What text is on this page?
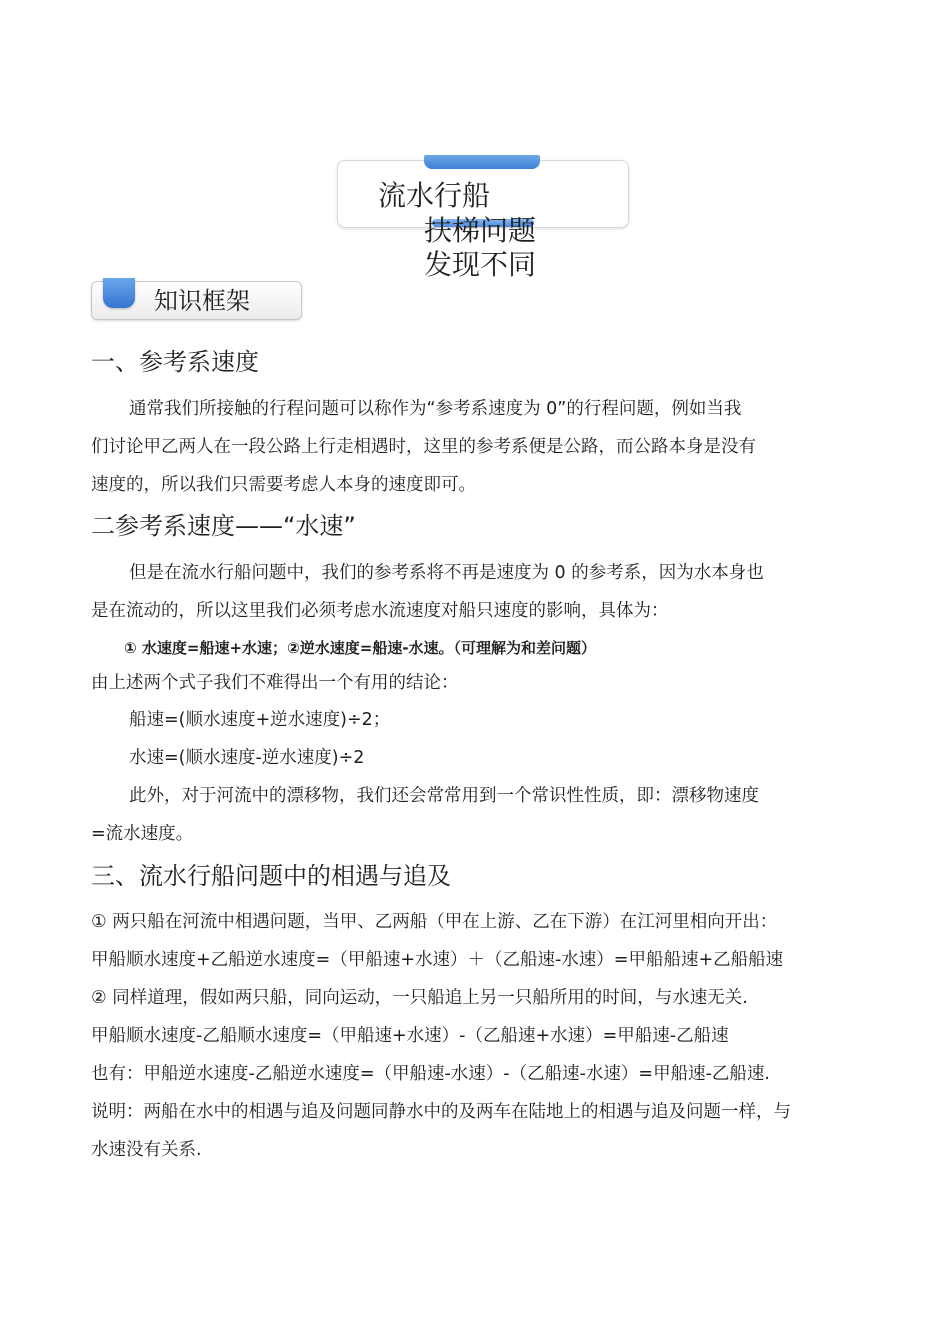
流水行船
扶梯问题
发现不同
知识框架
一、参考系速度
通常我们所接触的行程问题可以称作为“参考系速度为 0”的行程问题，例如当我
们讨论甲乙两人在一段公路上行走相遇时，这里的参考系便是公路，而公路本身是没有
速度的，所以我们只需要考虑人本身的速度即可。
二参考系速度——“水速”
但是在流水行船问题中，我们的参考系将不再是速度为 0 的参考系，因为水本身也
是在流动的，所以这里我们必须考虑水流速度对船只速度的影响，具体为：
① 水速度=船速+水速；②逆水速度=船速-水速。（可理解为和差问题）
由上述两个式子我们不难得出一个有用的结论：
船速=(顺水速度+逆水速度)÷2；
水速=(顺水速度-逆水速度)÷2
此外，对于河流中的漂移物，我们还会常常用到一个常识性性质，即：漂移物速度
=流水速度。
三、流水行船问题中的相遇与追及
① 两只船在河流中相遇问题，当甲、乙两船（甲在上游、乙在下游）在江河里相向开出：
甲船顺水速度+乙船逆水速度=（甲船速+水速）＋（乙船速-水速）=甲船船速+乙船船速
② 同样道理，假如两只船，同向运动，一只船追上另一只船所用的时间，与水速无关.
甲船顺水速度-乙船顺水速度=（甲船速+水速）-（乙船速+水速）=甲船速-乙船速
也有：甲船逆水速度-乙船逆水速度=（甲船速-水速）-（乙船速-水速）=甲船速-乙船速.
说明：两船在水中的相遇与追及问题同静水中的及两车在陆地上的相遇与追及问题一样，与
水速没有关系.
